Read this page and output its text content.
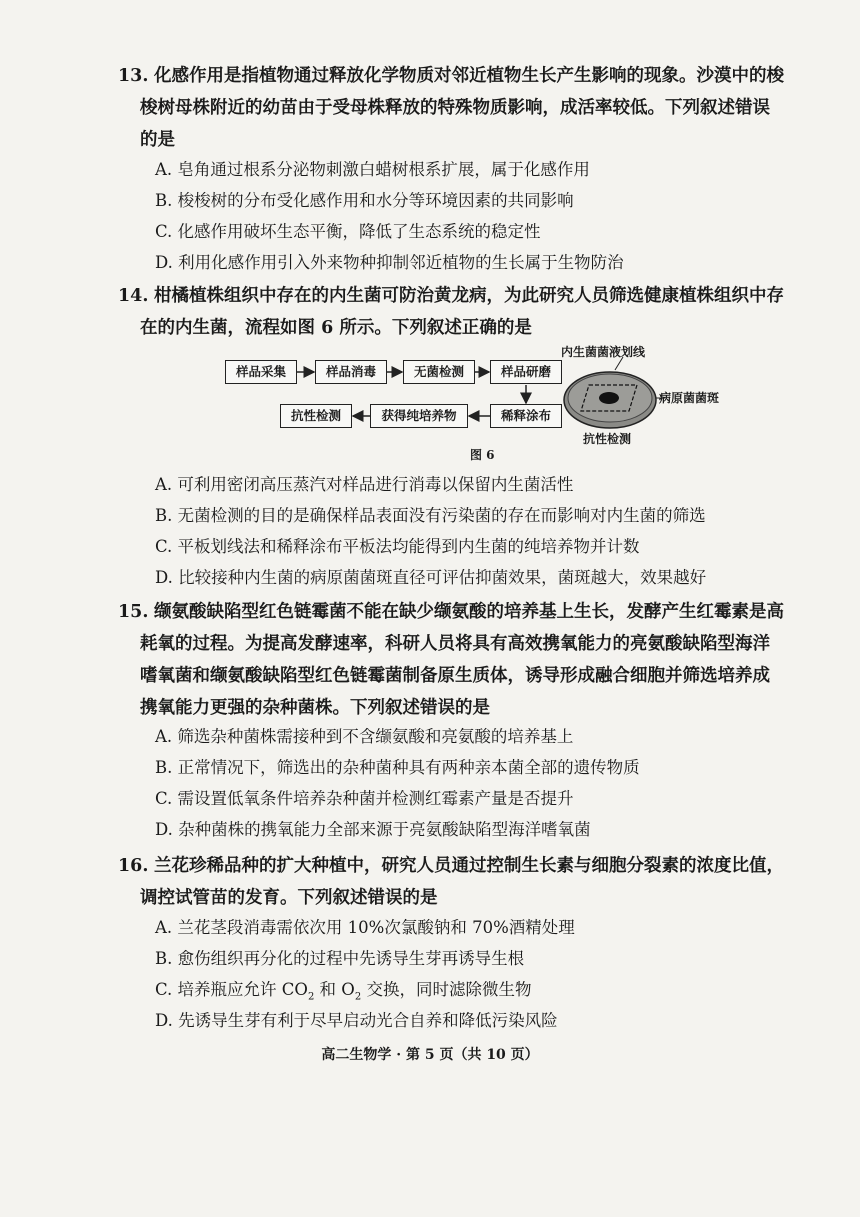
13. 化感作用是指植物通过释放化学物质对邻近植物生长产生影响的现象。沙漠中的梭
梭树母株附近的幼苗由于受母株释放的特殊物质影响，成活率较低。下列叙述错误
的是
A. 皂角通过根系分泌物刺激白蜡树根系扩展，属于化感作用
B. 梭梭树的分布受化感作用和水分等环境因素的共同影响
C. 化感作用破坏生态平衡，降低了生态系统的稳定性
D. 利用化感作用引入外来物种抑制邻近植物的生长属于生物防治
14. 柑橘植株组织中存在的内生菌可防治黄龙病，为此研究人员筛选健康植株组织中存
在的内生菌，流程如图 6 所示。下列叙述正确的是
样品采集	样品消毒	无菌检测	样品研磨
稀释涂布
获得纯培养物
抗性检测
内生菌菌液划线
病原菌菌斑
抗性检测
图 6
A. 可利用密闭高压蒸汽对样品进行消毒以保留内生菌活性
B. 无菌检测的目的是确保样品表面没有污染菌的存在而影响对内生菌的筛选
C. 平板划线法和稀释涂布平板法均能得到内生菌的纯培养物并计数
D. 比较接种内生菌的病原菌菌斑直径可评估抑菌效果，菌斑越大，效果越好
15. 缬氨酸缺陷型红色链霉菌不能在缺少缬氨酸的培养基上生长，发酵产生红霉素是高
耗氧的过程。为提高发酵速率，科研人员将具有高效携氧能力的亮氨酸缺陷型海洋
嗜氧菌和缬氨酸缺陷型红色链霉菌制备原生质体，诱导形成融合细胞并筛选培养成
携氧能力更强的杂种菌株。下列叙述错误的是
A. 筛选杂种菌株需接种到不含缬氨酸和亮氨酸的培养基上
B. 正常情况下，筛选出的杂种菌种具有两种亲本菌全部的遗传物质
C. 需设置低氧条件培养杂种菌并检测红霉素产量是否提升
D. 杂种菌株的携氧能力全部来源于亮氨酸缺陷型海洋嗜氧菌
16. 兰花珍稀品种的扩大种植中，研究人员通过控制生长素与细胞分裂素的浓度比值，
调控试管苗的发育。下列叙述错误的是
A. 兰花茎段消毒需依次用 10%次氯酸钠和 70%酒精处理
B. 愈伤组织再分化的过程中先诱导生芽再诱导生根
C. 培养瓶应允许 $CO_2$ 和 $O_2$ 交换，同时滤除微生物
D. 先诱导生芽有利于尽早启动光合自养和降低污染风险
高二生物学 · 第 5 页（共 10 页）
